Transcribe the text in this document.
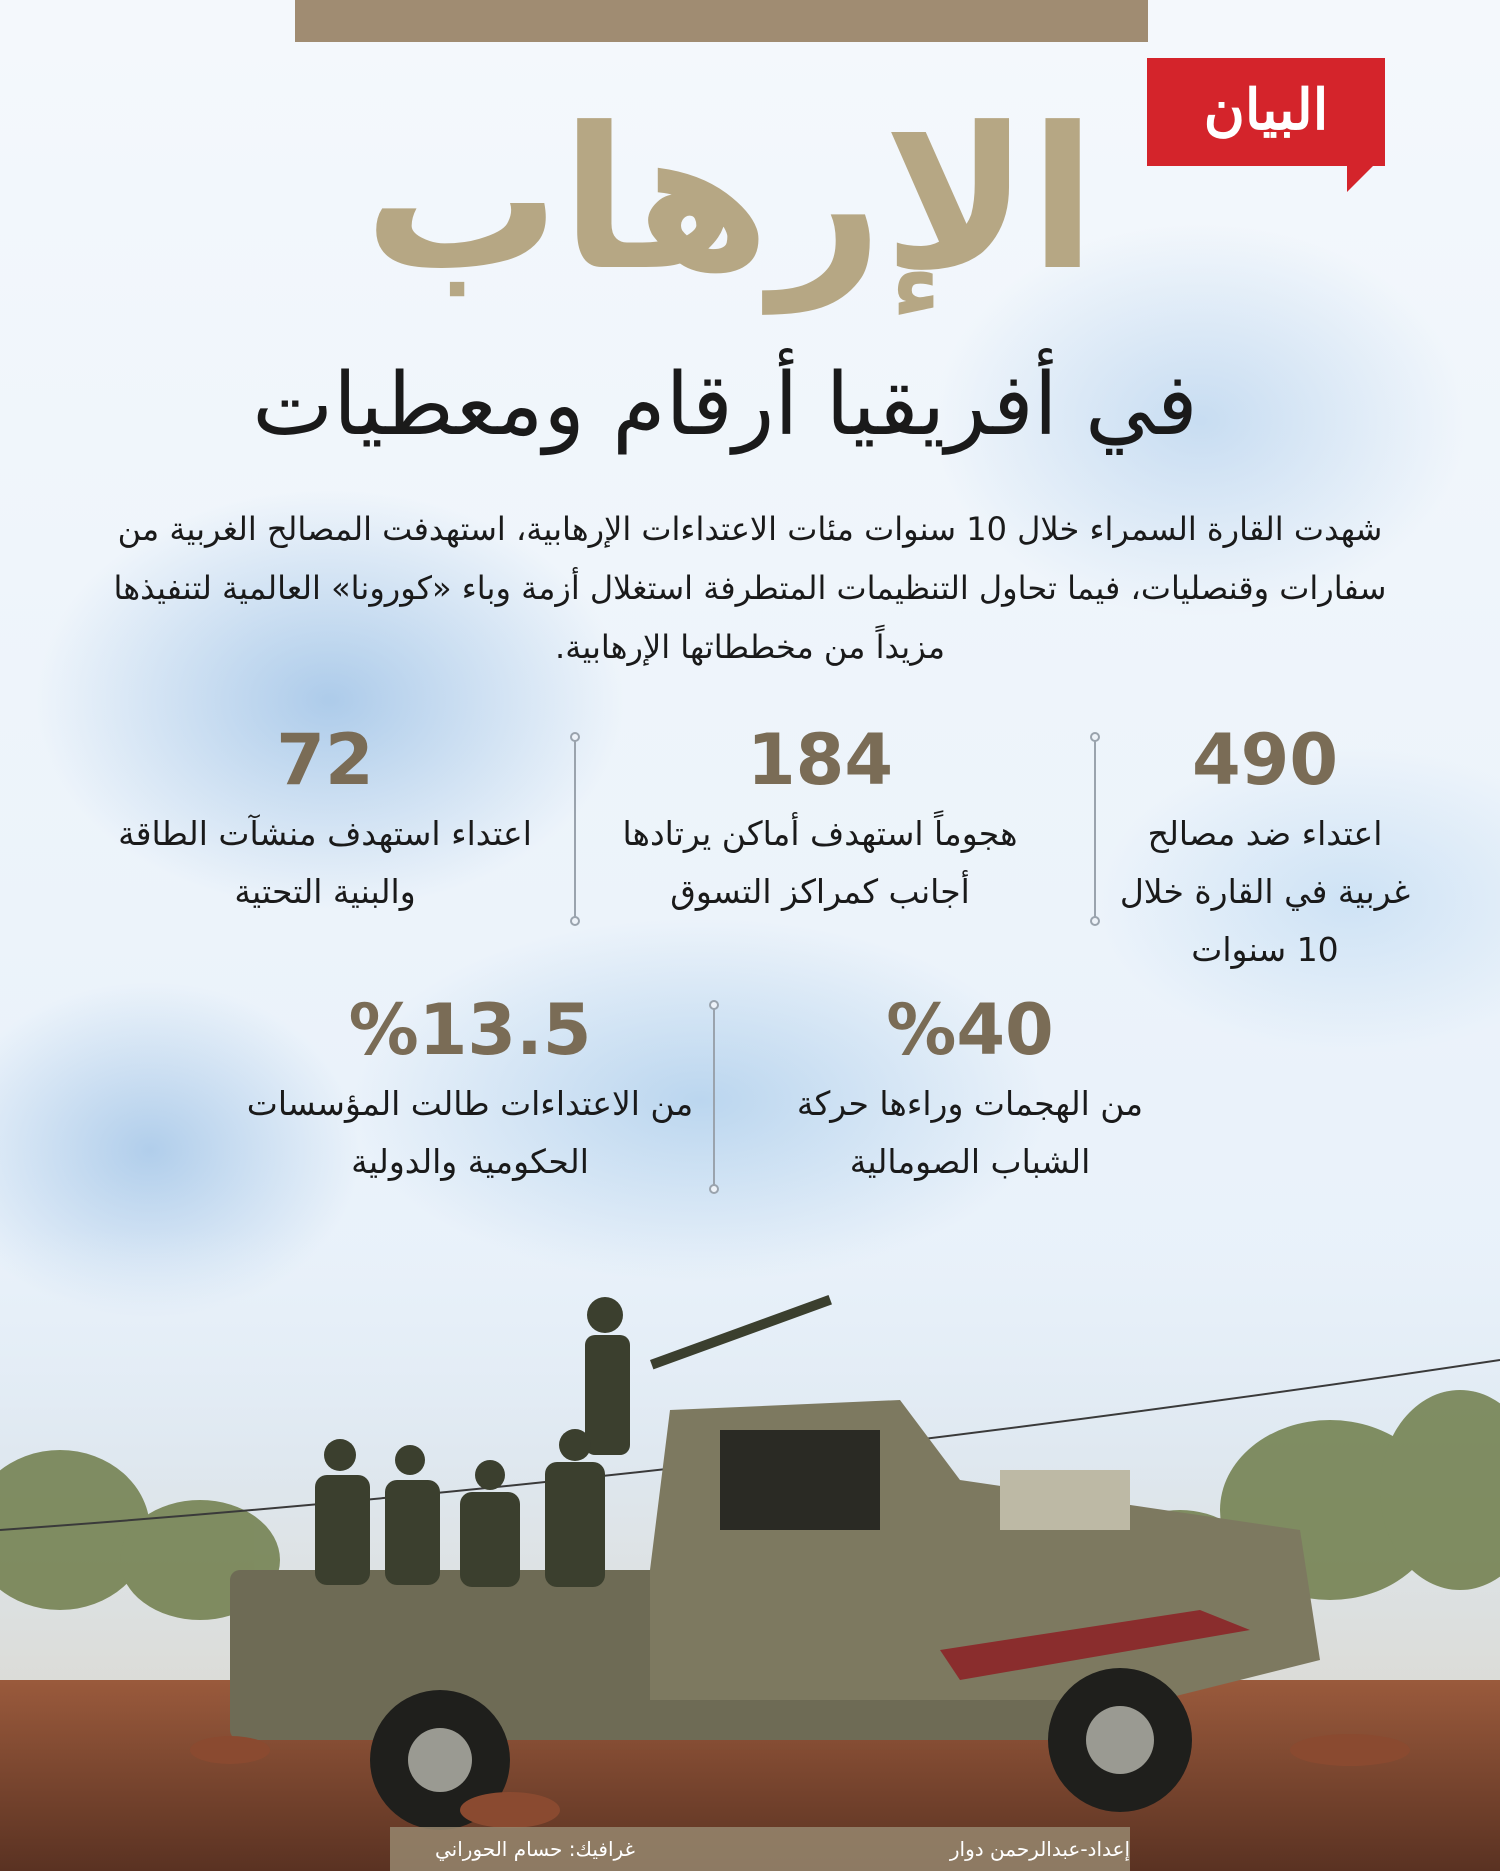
البيان
الإرهاب
في أفريقيا أرقام ومعطيات
شهدت القارة السمراء خلال 10 سنوات مئات الاعتداءات الإرهابية، استهدفت المصالح الغربية من سفارات وقنصليات، فيما تحاول التنظيمات المتطرفة استغلال أزمة وباء «كورونا» العالمية لتنفيذها مزيداً من مخططاتها الإرهابية.
490
اعتداء ضد مصالح غربية في القارة خلال 10 سنوات
184
هجوماً استهدف أماكن يرتادها أجانب كمراكز التسوق
72
اعتداء استهدف منشآت الطاقة والبنية التحتية
%40
من الهجمات وراءها حركة الشباب الصومالية
%13.5
من الاعتداءات طالت المؤسسات الحكومية والدولية
إعداد-عبدالرحمن دوار
غرافيك: حسام الحوراني
